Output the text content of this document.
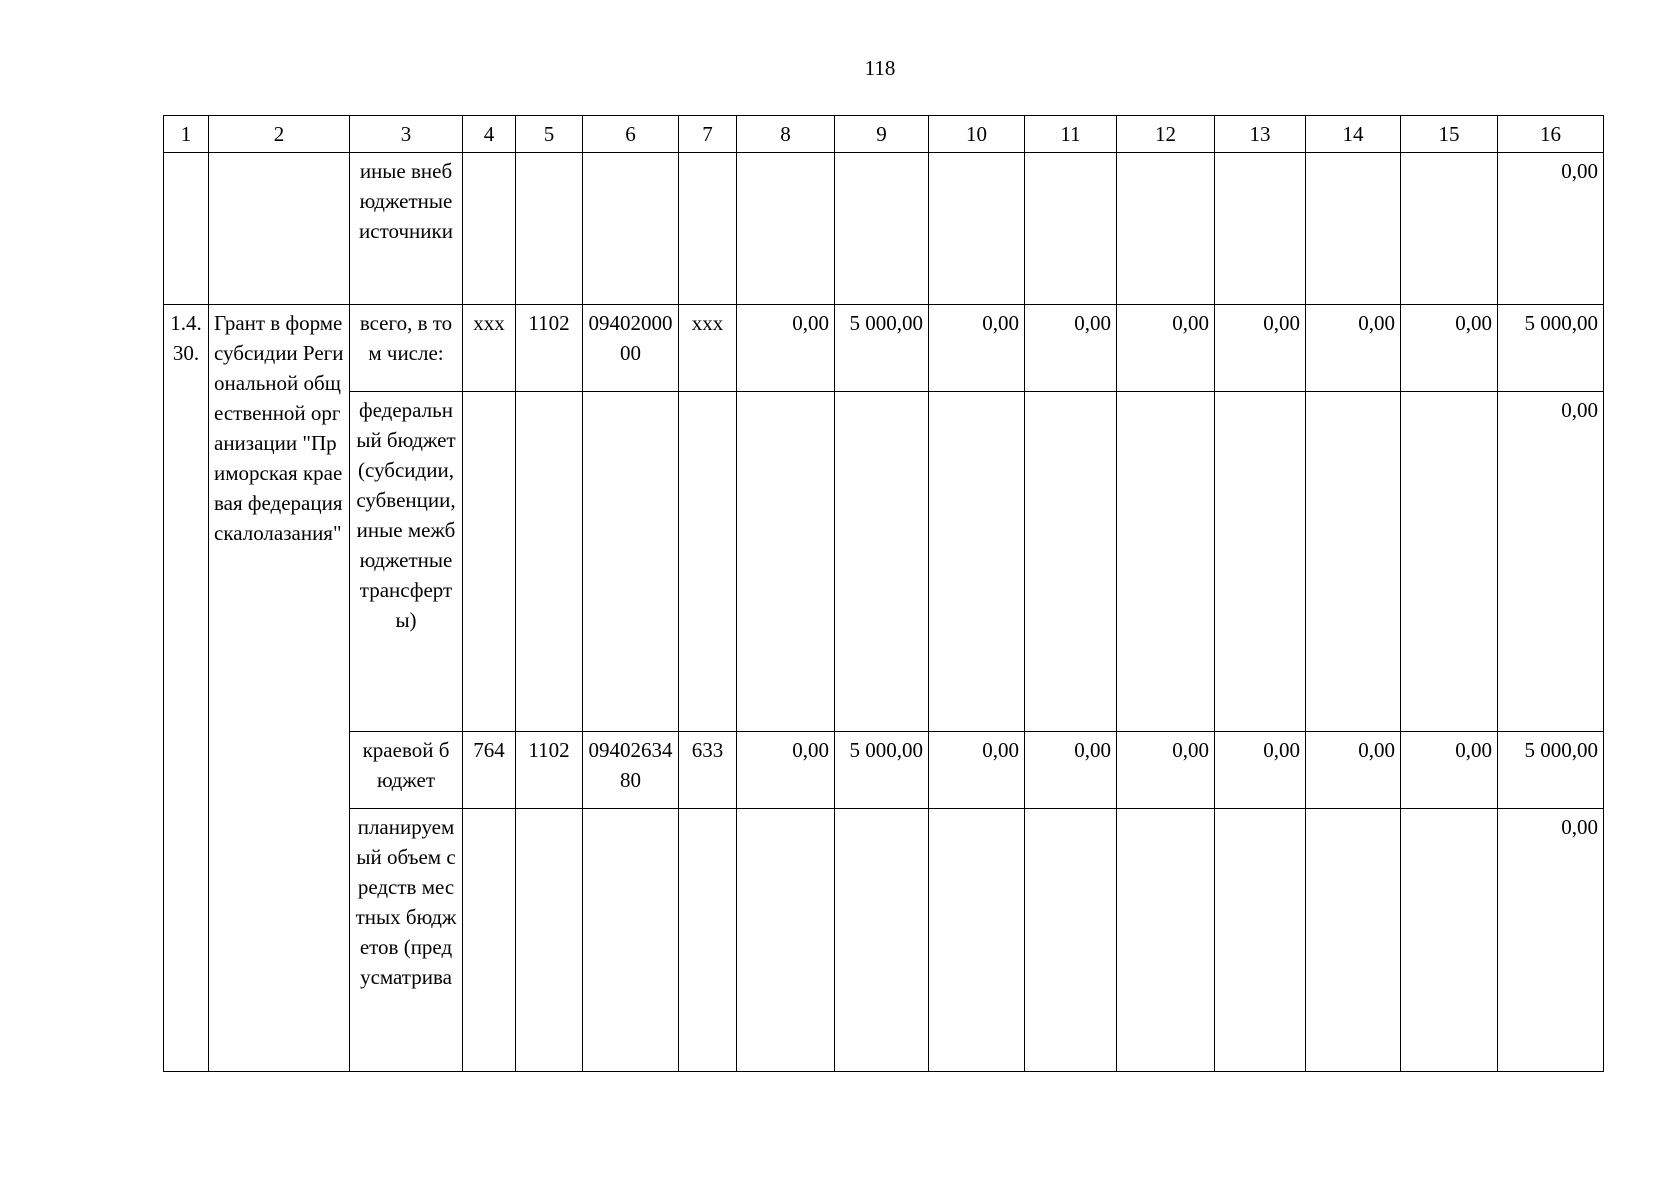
118
1	2	3	4	5	6	7	8	9	10	11	12	13	14	15	16
		иные внебюджетные источники													0,00
1.4.30.	Грант в форме субсидии Региональной общественной организации "Приморская краевая федерация скалолазания"	всего, в том числе:	ххх	1102	0940200000	ххх	0,00	5 000,00	0,00	0,00	0,00	0,00	0,00	0,00	5 000,00
		федеральный бюджет (субсидии, субвенции, иные межбюджетные трансферты)													0,00
		краевой бюджет	764	1102	0940263480	633	0,00	5 000,00	0,00	0,00	0,00	0,00	0,00	0,00	5 000,00
		планируемый объем средств местных бюджетов (предусматрива													0,00
